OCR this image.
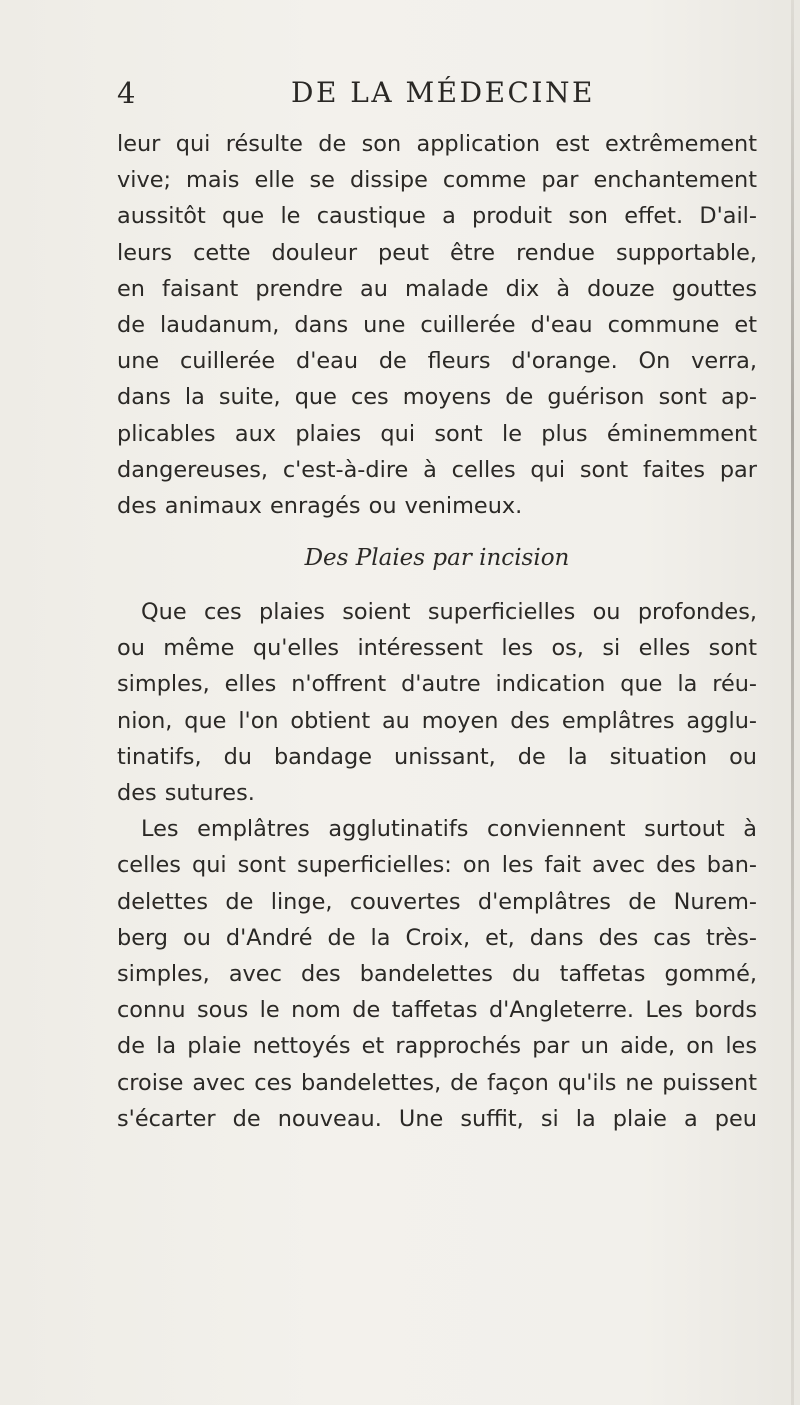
4	DE LA MÉDECINE
leur qui résulte de son application est extrêmement
vive; mais elle se dissipe comme par enchantement
aussitôt que le caustique a produit son effet. D'ail-
leurs cette douleur peut être rendue supportable,
en faisant prendre au malade dix à douze gouttes
de laudanum, dans une cuillerée d'eau commune et
une cuillerée d'eau de fleurs d'orange. On verra,
dans la suite, que ces moyens de guérison sont ap-
plicables aux plaies qui sont le plus éminemment
dangereuses, c'est-à-dire à celles qui sont faites par
des animaux enragés ou venimeux.
Des Plaies par incision
Que ces plaies soient superficielles ou profondes,
ou même qu'elles intéressent les os, si elles sont
simples, elles n'offrent d'autre indication que la réu-
nion, que l'on obtient au moyen des emplâtres agglu-
tinatifs, du bandage unissant, de la situation ou
des sutures.
Les emplâtres agglutinatifs conviennent surtout à
celles qui sont superficielles: on les fait avec des ban-
delettes de linge, couvertes d'emplâtres de Nurem-
berg ou d'André de la Croix, et, dans des cas très-
simples, avec des bandelettes du taffetas gommé,
connu sous le nom de taffetas d'Angleterre. Les bords
de la plaie nettoyés et rapprochés par un aide, on les
croise avec ces bandelettes, de façon qu'ils ne puissent
s'écarter de nouveau. Une suffit, si la plaie a peu
